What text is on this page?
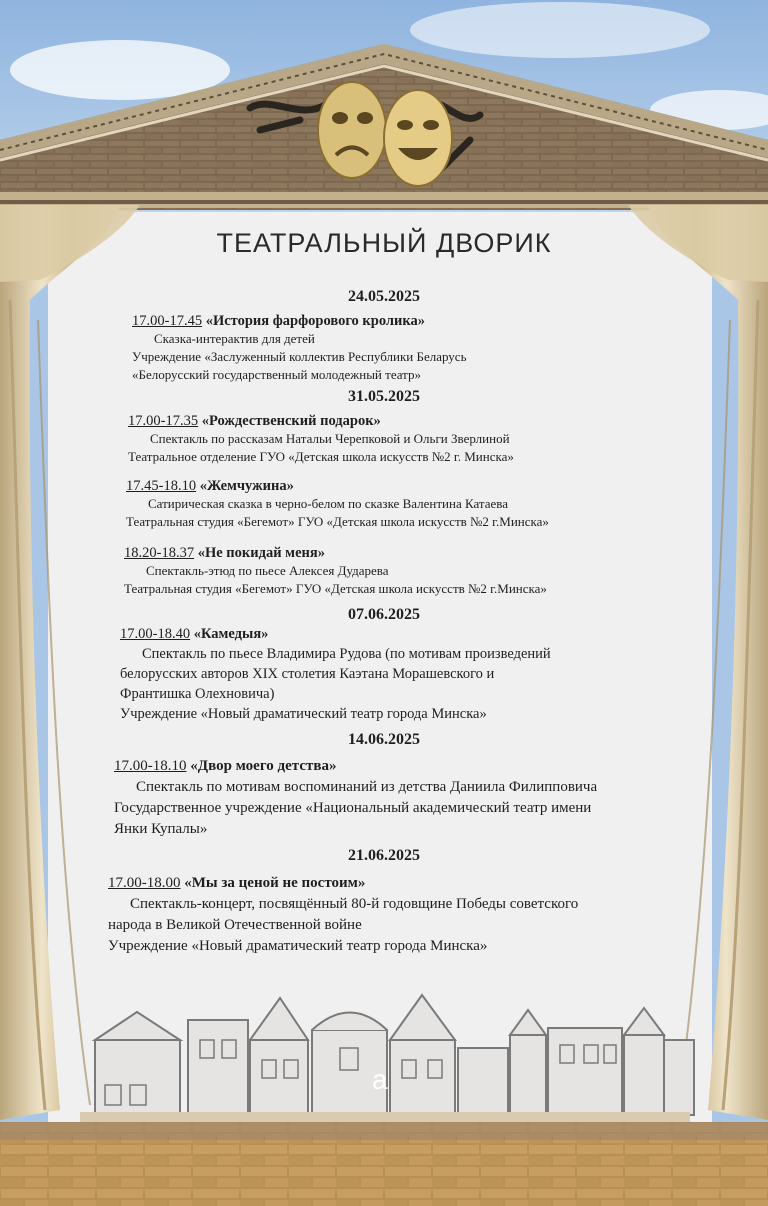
ТЕАТРАЛЬНЫЙ ДВОРИК
24.05.2025
17.00-17.45 «История фарфорового кролика»
Сказка-интерактив для детей
Учреждение «Заслуженный коллектив Республики Беларусь
«Белорусский государственный молодежный театр»
31.05.2025
17.00-17.35 «Рождественский подарок»
Спектакль по рассказам Натальи Черепковой и Ольги Зверлиной
Театральное отделение ГУО «Детская школа искусств №2 г. Минска»
17.45-18.10 «Жемчужина»
Сатирическая сказка в черно-белом по сказке Валентина Катаева
Театральная студия «Бегемот» ГУО «Детская школа искусств №2 г.Минска»
18.20-18.37 «Не покидай меня»
Спектакль-этюд по пьесе Алексея Дударева
Театральная студия «Бегемот» ГУО «Детская школа искусств №2 г.Минска»
07.06.2025
17.00-18.40 «Камедыя»
Спектакль по пьесе Владимира Рудова (по мотивам произведений
белорусских авторов XIX столетия Каэтана Морашевского и
Франтишка Олехновича)
Учреждение «Новый драматический театр города Минска»
14.06.2025
17.00-18.10 «Двор моего детства»
Спектакль по мотивам воспоминаний из детства Даниила Филипповича
Государственное учреждение «Национальный академический театр имени
Янки Купалы»
21.06.2025
17.00-18.00 «Мы за ценой не постоим»
Спектакль-концерт, посвящённый 80-й годовщине Победы советского
народа в Великой Отечественной войне
Учреждение «Новый драматический театр города Минска»
a
